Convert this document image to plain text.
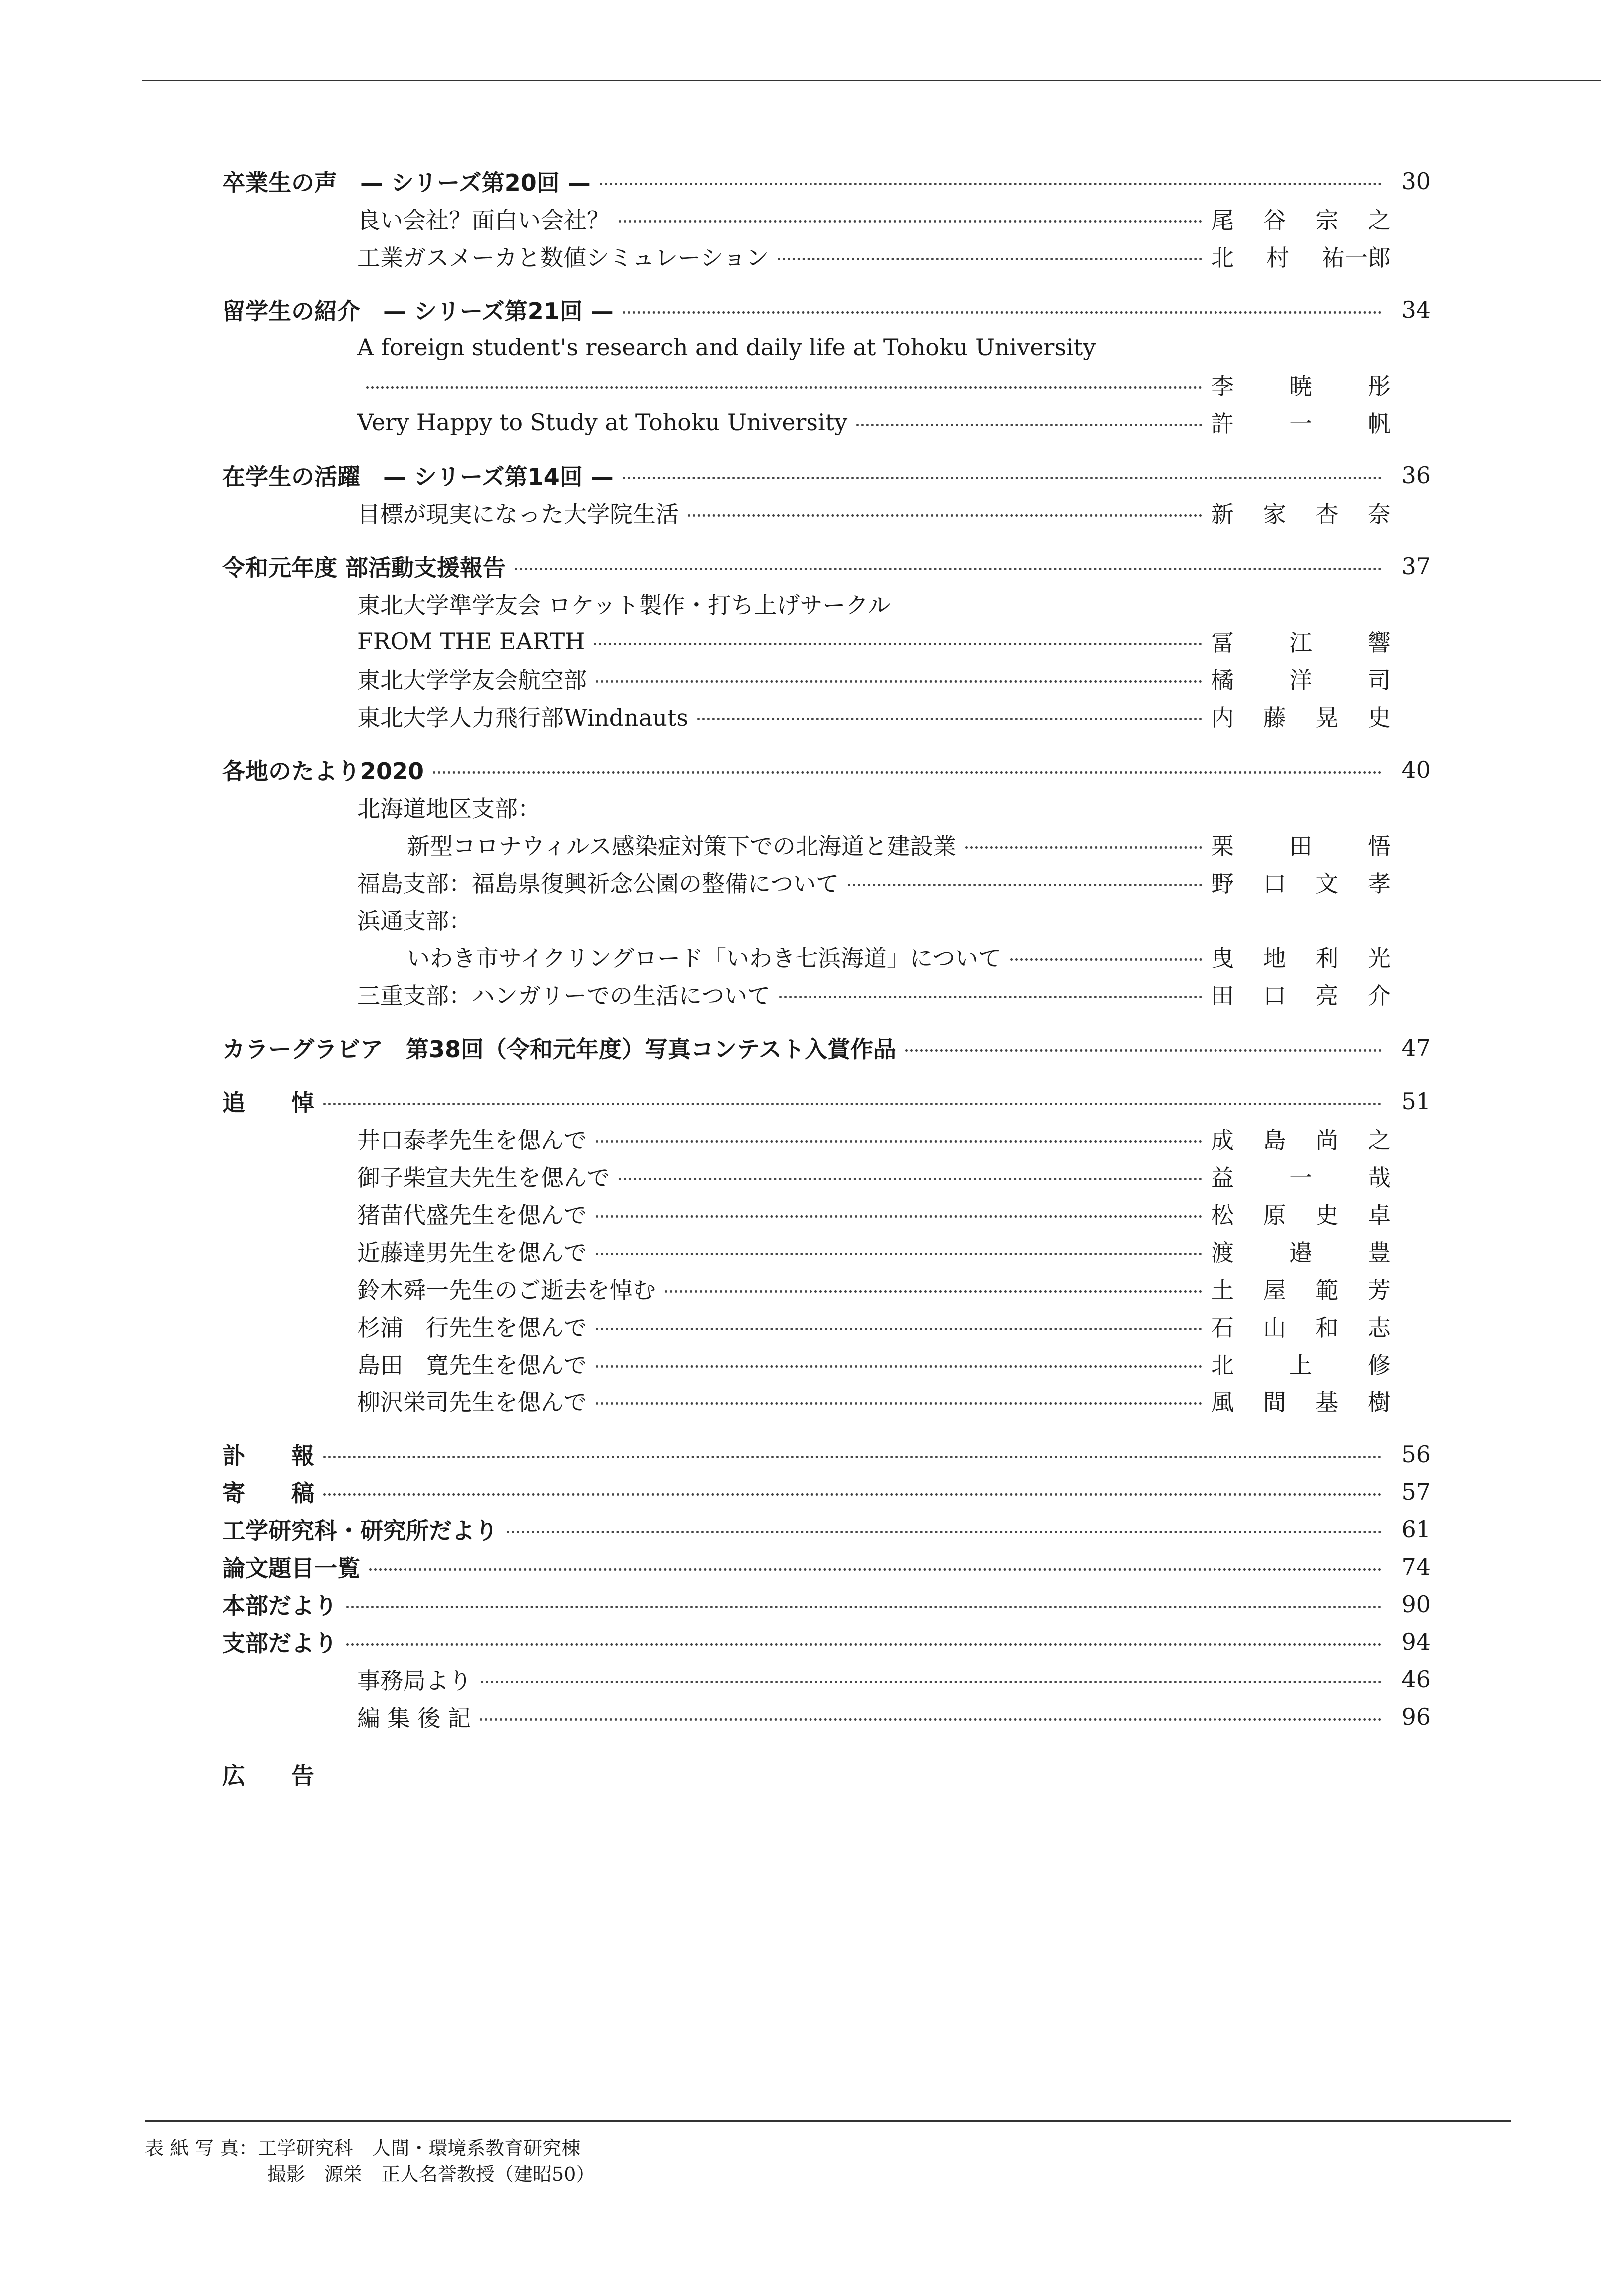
卒業生の声　— シリーズ第20回 —	30
良い会社？面白い会社？	尾 谷 宗 之
工業ガスメーカと数値シミュレーション	北 村 祐一郎
留学生の紹介　— シリーズ第21回 —	34
A foreign student's research and daily life at Tohoku University
李 暁 彤
Very Happy to Study at Tohoku University	許 一 帆
在学生の活躍　— シリーズ第14回 —	36
目標が現実になった大学院生活	新 家 杏 奈
令和元年度 部活動支援報告	37
東北大学準学友会 ロケット製作・打ち上げサークル
FROM THE EARTH	冨 江 響
東北大学学友会航空部	橘 洋 司
東北大学人力飛行部Windnauts	内 藤 晃 史
各地のたより2020	40
北海道地区支部：
新型コロナウィルス感染症対策下での北海道と建設業	栗 田 悟
福島支部：福島県復興祈念公園の整備について	野 口 文 孝
浜通支部：
いわき市サイクリングロード「いわき七浜海道」について	曳 地 利 光
三重支部：ハンガリーでの生活について	田 口 亮 介
カラーグラビア　第38回（令和元年度）写真コンテスト入賞作品	47
追　　悼	51
井口泰孝先生を偲んで	成 島 尚 之
御子柴宣夫先生を偲んで	益 一 哉
猪苗代盛先生を偲んで	松 原 史 卓
近藤達男先生を偲んで	渡 邉 豊
鈴木舜一先生のご逝去を悼む	土 屋 範 芳
杉浦　行先生を偲んで	石 山 和 志
島田　寛先生を偲んで	北 上 修
柳沢栄司先生を偲んで	風 間 基 樹
訃　　報	56
寄　　稿	57
工学研究科・研究所だより	61
論文題目一覧	74
本部だより	90
支部だより	94
事務局より	46
編 集 後 記	96
広　　告
表 紙 写 真：工学研究科　人間・環境系教育研究棟
撮影　源栄　正人名誉教授（建昭50）
